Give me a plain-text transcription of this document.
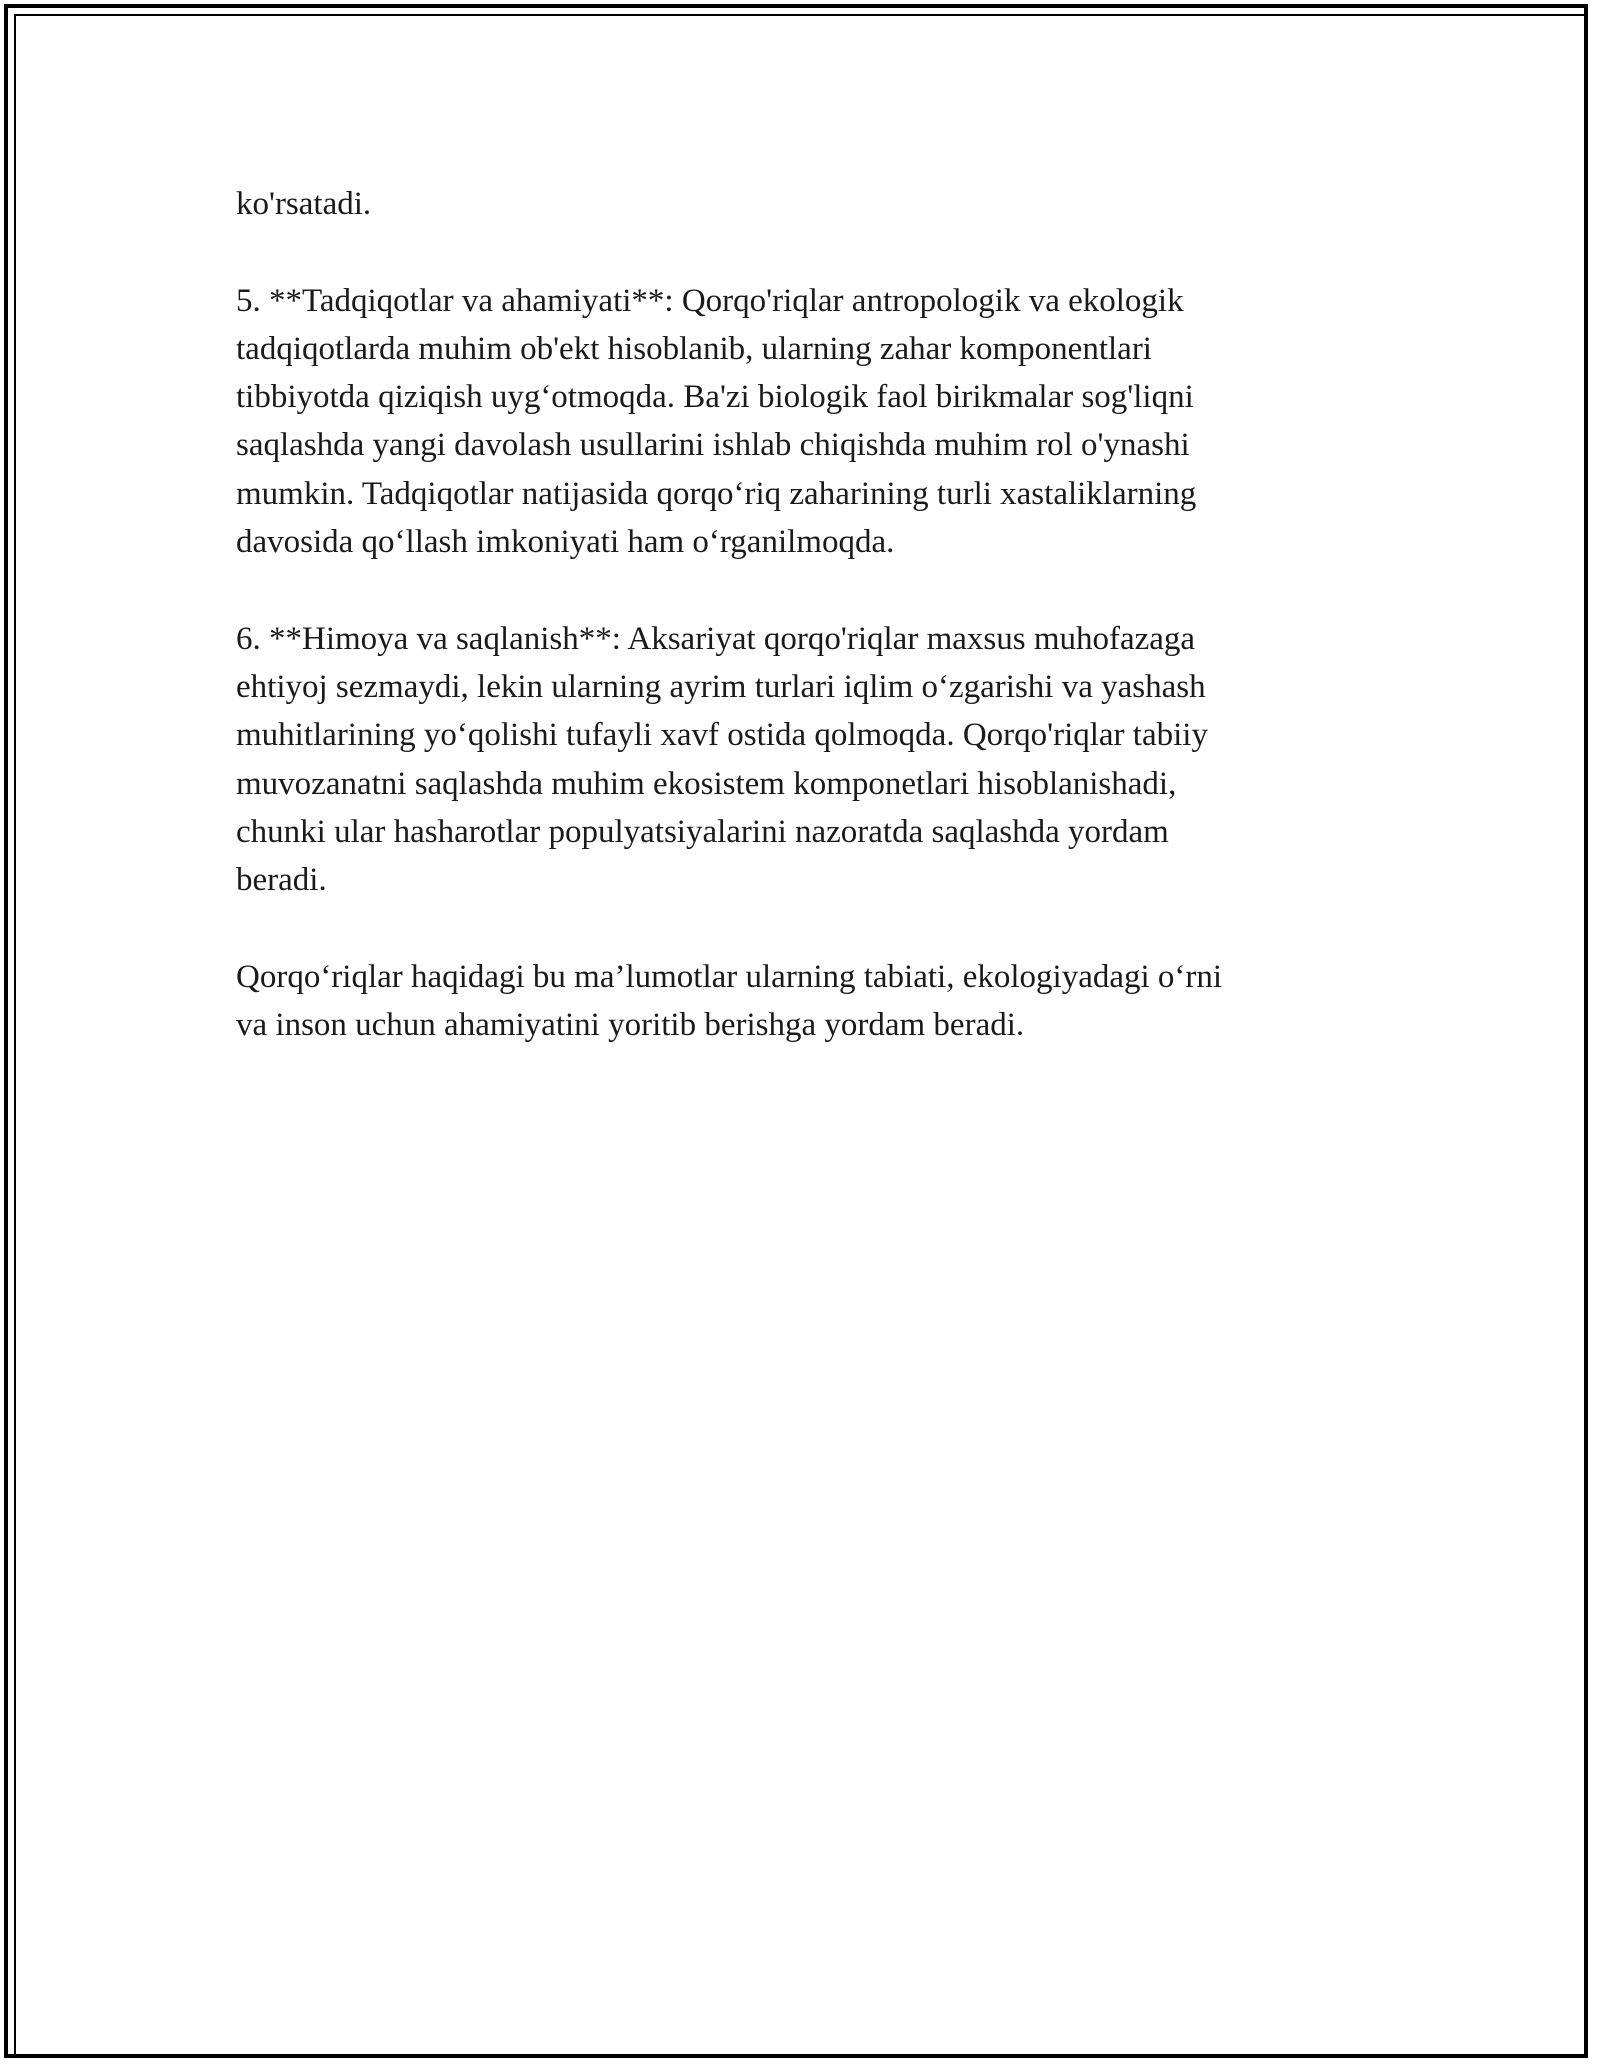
ko'rsatadi.

5. **Tadqiqotlar va ahamiyati**: Qorqo'riqlar antropologik va ekologik
tadqiqotlarda muhim ob'ekt hisoblanib, ularning zahar komponentlari
tibbiyotda qiziqish uyg‘otmoqda. Ba'zi biologik faol birikmalar sog'liqni
saqlashda yangi davolash usullarini ishlab chiqishda muhim rol o'ynashi
mumkin. Tadqiqotlar natijasida qorqo‘riq zaharining turli xastaliklarning
davosida qo‘llash imkoniyati ham o‘rganilmoqda.

6. **Himoya va saqlanish**: Aksariyat qorqo'riqlar maxsus muhofazaga
ehtiyoj sezmaydi, lekin ularning ayrim turlari iqlim o‘zgarishi va yashash
muhitlarining yo‘qolishi tufayli xavf ostida qolmoqda. Qorqo'riqlar tabiiy
muvozanatni saqlashda muhim ekosistem komponetlari hisoblanishadi,
chunki ular hasharotlar populyatsiyalarini nazoratda saqlashda yordam
beradi.

Qorqo‘riqlar haqidagi bu ma’lumotlar ularning tabiati, ekologiyadagi o‘rni
va inson uchun ahamiyatini yoritib berishga yordam beradi.
